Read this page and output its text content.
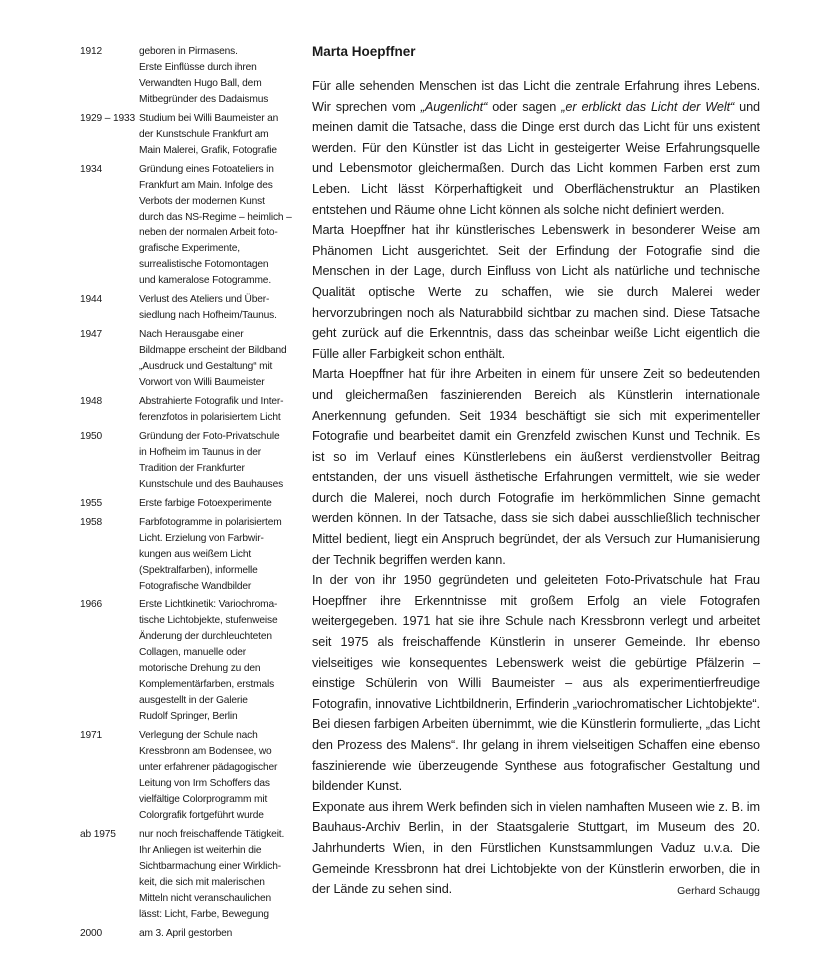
1912	geboren in Pirmasens.
Erste Einflüsse durch ihren
Verwandten Hugo Ball, dem
Mitbegründer des Dadaismus
1929 – 1933 Studium bei Willi Baumeister an
der Kunstschule Frankfurt am
Main Malerei, Grafik, Fotografie
1934	Gründung eines Fotoateliers in
Frankfurt am Main. Infolge des
Verbots der modernen Kunst
durch das NS-Regime – heimlich –
neben der normalen Arbeit foto-
grafische Experimente,
surrealistische Fotomontagen
und kameralose Fotogramme.
1944	Verlust des Ateliers und Über-
siedlung nach Hofheim/Taunus.
1947	Nach Herausgabe einer
Bildmappe erscheint der Bildband
„Ausdruck und Gestaltung“ mit
Vorwort von Willi Baumeister
1948	Abstrahierte Fotografik und Inter-
ferenzfotos in polarisiertem Licht
1950	Gründung der Foto-Privatschule
in Hofheim im Taunus in der
Tradition der Frankfurter
Kunstschule und des Bauhauses
1955	Erste farbige Fotoexperimente
1958	Farbfotogramme in polarisiertem
Licht. Erzielung von Farbwir-
kungen aus weißem Licht
(Spektralfarben), informelle
Fotografische Wandbilder
1966	Erste Lichtkinetik: Variochroma-
tische Lichtobjekte, stufenweise
Änderung der durchleuchteten
Collagen, manuelle oder
motorische Drehung zu den
Komplementärfarben, erstmals
ausgestellt in der Galerie
Rudolf Springer, Berlin
1971	Verlegung der Schule nach
Kressbronn am Bodensee, wo
unter erfahrener pädagogischer
Leitung von Irm Schoffers das
vielfältige Colorprogramm mit
Colorgrafik fortgeführt wurde
ab 1975	nur noch freischaffende Tätigkeit.
Ihr Anliegen ist weiterhin die
Sichtbarmachung einer Wirklich-
keit, die sich mit malerischen
Mitteln nicht veranschaulichen
lässt: Licht, Farbe, Bewegung
2000	am 3. April gestorben
Marta Hoepffner

Für alle sehenden Menschen ist das Licht die zentrale Erfahrung ihres Lebens. Wir sprechen vom „Augenlicht“ oder sagen „er erblickt das Licht der Welt“ und meinen damit die Tatsache, dass die Dinge erst durch das Licht für uns existent werden. Für den Künstler ist das Licht in gesteigerter Weise Erfahrungsquelle und Lebensmotor gleichermaßen. Durch das Licht kommen Farben erst zum Leben. Licht lässt Körperhaftigkeit und Oberflächenstruktur an Plastiken entstehen und Räume ohne Licht können als solche nicht definiert werden.

Marta Hoepffner hat ihr künstlerisches Lebenswerk in besonderer Weise am Phänomen Licht ausgerichtet. Seit der Erfindung der Fotografie sind die Menschen in der Lage, durch Einfluss von Licht als natürliche und technische Qualität optische Werte zu schaffen, wie sie durch Malerei weder hervorzubringen noch als Naturabbild sichtbar zu machen sind. Diese Tatsache geht zurück auf die Erkenntnis, dass das scheinbar weiße Licht eigentlich die Fülle aller Farbigkeit schon enthält.

Marta Hoepffner hat für ihre Arbeiten in einem für unsere Zeit so bedeutenden und gleichermaßen faszinierenden Bereich als Künstlerin internationale Anerkennung gefunden. Seit 1934 beschäftigt sie sich mit experimenteller Fotografie und bearbeitet damit ein Grenzfeld zwischen Kunst und Technik. Es ist so im Verlauf eines Künstlerlebens ein äußerst verdienstvoller Beitrag entstanden, der uns visuell ästhetische Erfahrungen vermittelt, wie sie weder durch die Malerei, noch durch Fotografie im herkömmlichen Sinne gemacht werden können. In der Tatsache, dass sie sich dabei ausschließlich technischer Mittel bedient, liegt ein Anspruch begründet, der als Versuch zur Humanisierung der Technik begriffen werden kann.

In der von ihr 1950 gegründeten und geleiteten Foto-Privatschule hat Frau Hoepffner ihre Erkenntnisse mit großem Erfolg an viele Fotografen weitergegeben. 1971 hat sie ihre Schule nach Kressbronn verlegt und arbeitet seit 1975 als freischaffende Künstlerin in unserer Gemeinde. Ihr ebenso vielseitiges wie konsequentes Lebenswerk weist die gebürtige Pfälzerin – einstige Schülerin von Willi Baumeister – aus als experimentierfreudige Fotografin, innovative Lichtbildnerin, Erfinderin „variochromatischer Lichtobjekte“. Bei diesen farbigen Arbeiten übernimmt, wie die Künstlerin formulierte, „das Licht den Prozess des Malens“. Ihr gelang in ihrem vielseitigen Schaffen eine ebenso faszinierende wie überzeugende Synthese aus fotografischer Gestaltung und bildender Kunst.

Exponate aus ihrem Werk befinden sich in vielen namhaften Museen wie z. B. im Bauhaus-Archiv Berlin, in der Staatsgalerie Stuttgart, im Museum des 20. Jahrhunderts Wien, in den Fürstlichen Kunstsammlungen Vaduz u.v.a. Die Gemeinde Kressbronn hat drei Lichtobjekte von der Künstlerin erworben, die in der Lände zu sehen sind.	Gerhard Schaugg
